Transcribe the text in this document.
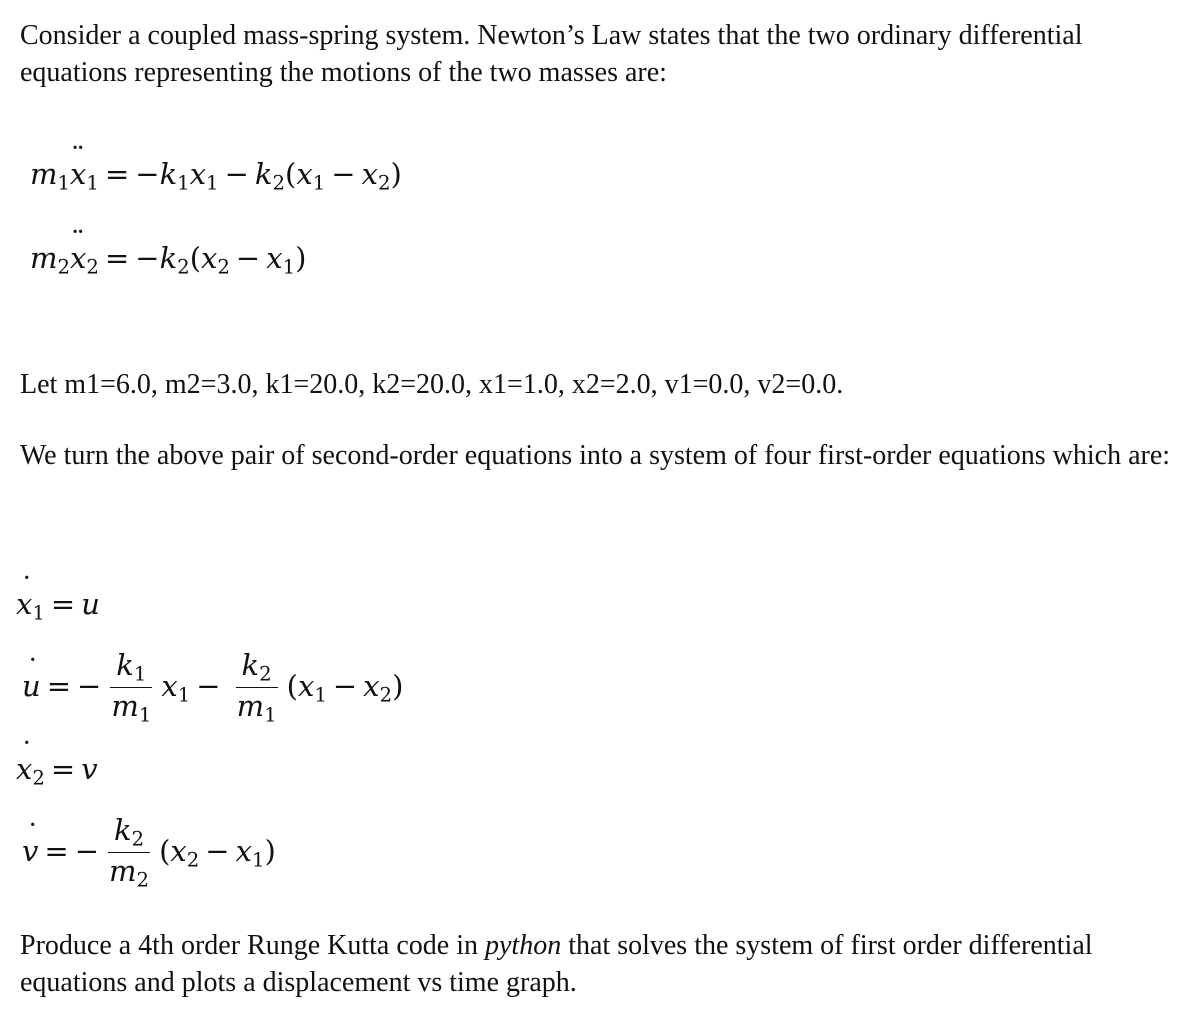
Consider a coupled mass-spring system. Newton’s Law states that the two ordinary differential equations representing the motions of the two masses are:

$m_1¨$ $x_1 = -k_1x_1 - k_2(x_1 - x_2)$
$m_2¨$ $x_2 = -k_2(x_2 - x_1)$

Let m1=6.0, m2=3.0, k1=20.0, k2=20.0, x1=1.0, x2=2.0, v1=0.0, v2=0.0.

We turn the above pair of second-order equations into a system of four first-order equations which are:

˙ $x_1 = u$
˙ u = − $\frac{k_1}{m_1} x_1 - \frac{k_2}{m_1} (x_1 - x_2)$
˙ $x_2 = v$
˙ v = − $\frac{k_2}{m_2} (x_2 - x_1)$

Produce a 4th order Runge Kutta code in python that solves the system of first order differential equations and plots a displacement vs time graph.
